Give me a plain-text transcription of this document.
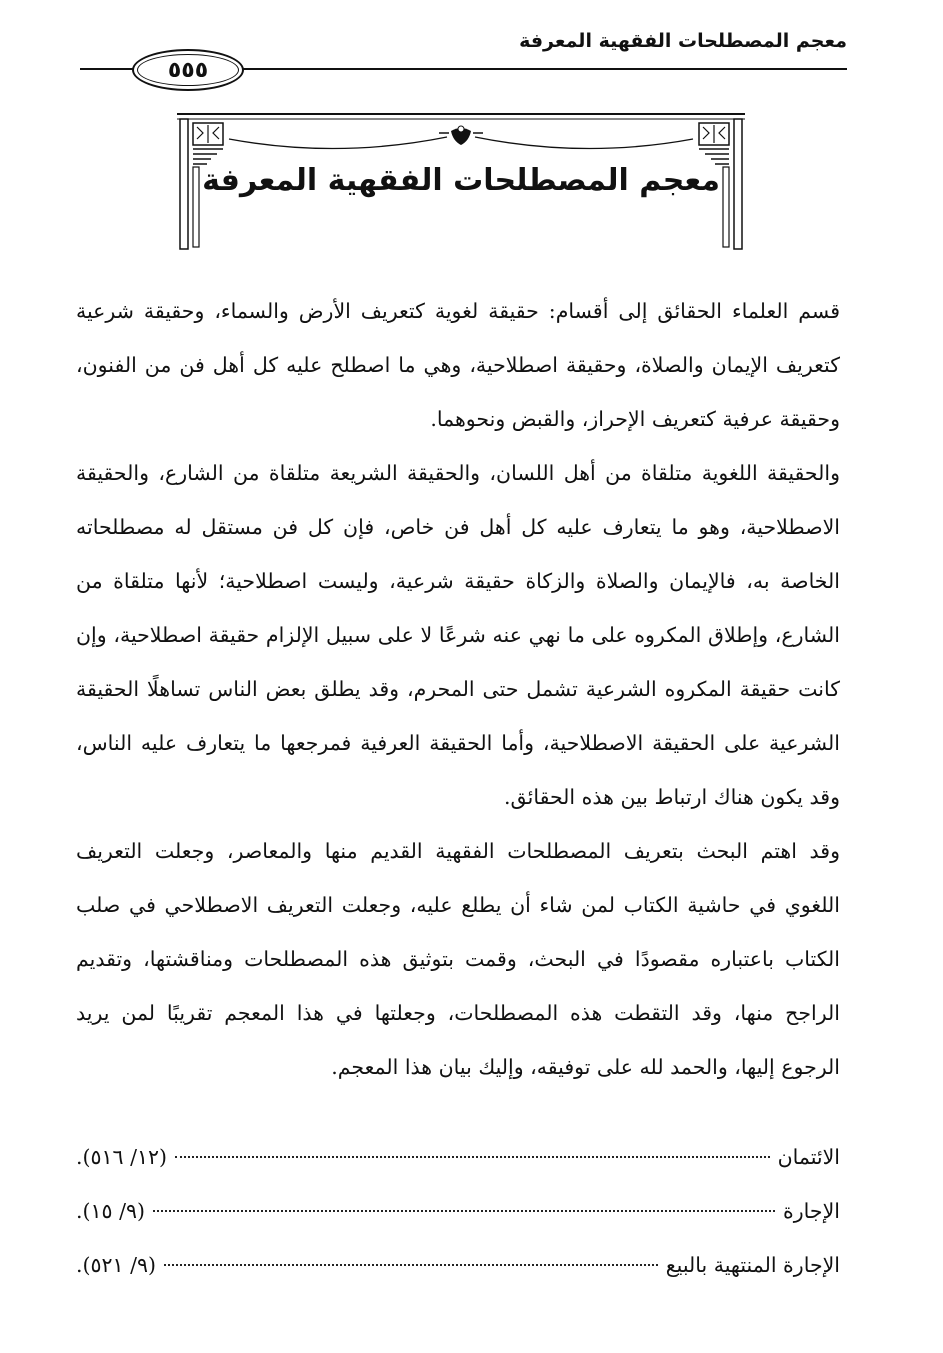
معجم المصطلحات الفقهية المعرفة
٥٥٥
معجم المصطلحات الفقهية المعرفة

قسم العلماء الحقائق إلى أقسام: حقيقة لغوية كتعريف الأرض والسماء، وحقيقة شرعية كتعريف الإيمان والصلاة، وحقيقة اصطلاحية، وهي ما اصطلح عليه كل أهل فن من الفنون، وحقيقة عرفية كتعريف الإحراز، والقبض ونحوهما.

والحقيقة اللغوية متلقاة من أهل اللسان، والحقيقة الشريعة متلقاة من الشارع، والحقيقة الاصطلاحية، وهو ما يتعارف عليه كل أهل فن خاص، فإن كل فن مستقل له مصطلحاته الخاصة به، فالإيمان والصلاة والزكاة حقيقة شرعية، وليست اصطلاحية؛ لأنها متلقاة من الشارع، وإطلاق المكروه على ما نهي عنه شرعًا لا على سبيل الإلزام حقيقة اصطلاحية، وإن كانت حقيقة المكروه الشرعية تشمل حتى المحرم، وقد يطلق بعض الناس تساهلًا الحقيقة الشرعية على الحقيقة الاصطلاحية، وأما الحقيقة العرفية فمرجعها ما يتعارف عليه الناس، وقد يكون هناك ارتباط بين هذه الحقائق.

وقد اهتم البحث بتعريف المصطلحات الفقهية القديم منها والمعاصر، وجعلت التعريف اللغوي في حاشية الكتاب لمن شاء أن يطلع عليه، وجعلت التعريف الاصطلاحي في صلب الكتاب باعتباره مقصودًا في البحث، وقمت بتوثيق هذه المصطلحات ومناقشتها، وتقديم الراجح منها، وقد التقطت هذه المصطلحات، وجعلتها في هذا المعجم تقريبًا لمن يريد الرجوع إليها، والحمد لله على توفيقه، وإليك بيان هذا المعجم.

الائتمان
(١٢/ ٥١٦).
الإجارة
(٩/ ١٥).
الإجارة المنتهية بالبيع
(٩/ ٥٢١).
